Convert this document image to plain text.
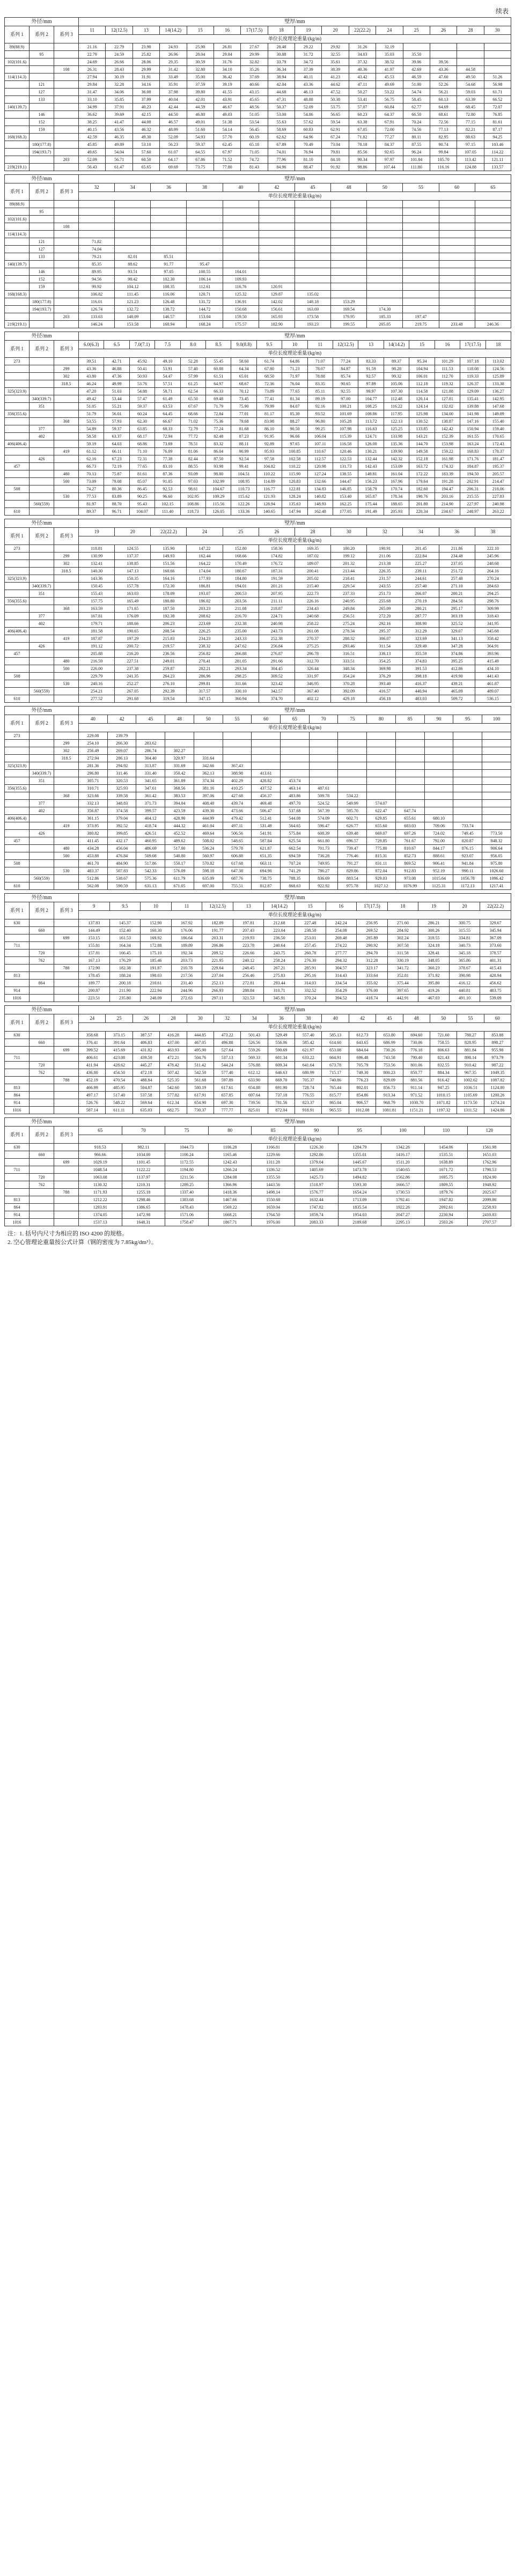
续表
外径/mm			壁厚/mm															
系列 1	系列 2	系列 3	11	12(12.5)	13	14(14.2)	15	16	17(17.5)	18	19	20	22(22.2)	24	25	26	28	30
			单位长度理论重量/(kg/m)															
89(88.9)			21.16	22.79	23.90	24.93	25.90	26.81	27.67	28.48	29.22	29.92	31.26	32.19				
	95		22.79	24.59	25.82	26.96	28.04	29.04	29.99	30.88	31.72	32.55	34.03	35.03	35.50			
102(101.6)			24.69	26.66	28.06	29.35	30.59	31.76	32.82	33.79	34.72	35.61	37.32	38.52	39.06	39.56		
		108	26.31	28.43	29.99	31.42	32.80	34.10	35.26	36.34	37.39	38.39	40.36	41.97	42.69	43.36	44.58	
114(114.3)			27.94	30.19	31.91	33.49	35.00	36.42	37.69	38.94	40.11	41.23	43.42	45.53	46.59	47.60	49.50	51.26
	121		29.84	32.28	34.16	35.91	37.59	39.19	40.66	42.04	43.36	44.62	47.11	49.69	51.00	52.26	54.68	56.98
	127		31.47	34.06	36.08	37.98	39.80	41.55	43.15	44.68	46.13	47.52	50.27	53.22	54.74	56.21	59.03	61.71
	133		33.10	35.85	37.99	40.04	42.01	43.91	45.65	47.31	48.88	50.38	53.41	56.75	58.45	60.13	63.39	66.52
140(139.7)			34.99	37.91	40.23	42.44	44.59	46.67	48.56	50.37	52.09	53.75	57.07	60.84	62.77	64.69	68.45	72.07
	146		36.62	39.69	42.15	44.50	46.80	49.03	51.05	53.00	54.86	56.65	60.23	64.37	66.50	68.61	72.80	76.85
	152		38.25	41.47	44.08	46.57	49.01	51.38	53.54	55.63	57.62	59.54	63.38	67.91	70.24	72.56	77.15	81.61
	159		40.15	43.56	46.32	48.99	51.60	54.14	56.45	58.69	60.83	62.91	67.05	72.00	74.56	77.13	82.21	87.17
168(168.3)			42.59	46.35	49.30	52.09	54.93	57.70	60.19	62.62	64.96	67.24	71.82	77.27	80.11	82.95	88.63	94.25
	180(177.8)		45.85	49.89	53.10	56.23	59.37	62.45	65.18	67.89	70.49	73.04	78.18	84.37	87.55	90.74	97.15	103.46
	194(193.7)		49.65	54.04	57.60	61.07	64.55	67.97	71.05	74.01	76.94	79.81	85.56	92.65	96.24	99.84	107.05	114.22
		203	52.09	56.71	60.50	64.17	67.86	71.52	74.72	77.96	81.10	84.18	90.34	97.97	101.84	105.70	113.42	121.11
219(219.1)			56.43	61.47	65.65	69.69	73.75	77.80	81.43	84.96	88.47	91.92	98.86	107.44	111.80	116.16	124.88	133.57
外径/mm			壁厚/mm											
系列 1	系列 2	系列 3	32	34	36	38	40	42	45	48	50	55	60	65
			单位长度理论重量/(kg/m)											
89(88.9)														
	95													
102(101.6)														
		108												
114(114.3)														
	121		71.82											
	127		74.04											
	133		79.21	82.01	85.51									
140(139.7)			85.35	88.62	91.77	95.47								
	146		89.95	93.51	97.05	100.55	104.01							
	152		94.56	98.42	102.30	106.14	109.93							
	159		99.92	104.12	108.35	112.61	116.76	120.91						
168(168.3)			106.82	111.45	116.06	120.71	125.32	129.87	135.02					
	180(177.8)		116.01	121.23	126.48	131.72	136.91	142.02	148.18	153.29				
	194(193.7)		126.74	132.72	138.72	144.72	150.68	156.61	163.69	169.54	174.30			
		203	133.63	140.09	146.57	153.04	159.50	165.93	173.58	179.95	185.33	197.47		
219(219.1)			146.24	153.58	160.94	168.24	175.57	182.90	193.23	199.55	205.05	219.75	233.48	246.36
外径/mm			壁厚/mm																
系列 1	系列 2	系列 3	6.0(6.3)	6.5	7.0(7.1)	7.5	8.0	8.5	9.0(8.8)	9.5	10	11	12(12.5)	13	14(14.2)	15	16	17(17.5)	18
			单位长度理论重量/(kg/m)																
273			39.51	42.71	45.92	49.10	52.28	55.45	58.60	61.74	64.86	71.07	77.24	83.33	89.37	95.34	101.29	107.18	113.02
		299	43.36	46.88	50.41	53.91	57.40	60.88	64.34	67.80	71.23	78.07	84.87	91.59	98.28	104.94	111.53	118.08	124.56
		302	43.80	47.36	50.93	54.47	57.99	61.51	65.01	68.50	71.97	78.88	85.74	92.57	99.32	106.01	112.70	119.33	125.89
		318.5	46.24	49.99	53.76	57.51	61.25	64.97	68.67	72.36	76.04	83.35	90.65	97.89	105.06	112.18	119.32	126.37	133.38
325(323.9)			47.20	51.03	54.88	58.71	62.54	66.33	70.12	73.89	77.65	85.11	92.55	99.97	107.30	114.58	121.88	129.09	136.27
	340(339.7)		49.42	53.44	57.47	61.49	65.50	69.48	73.45	77.41	81.34	89.19	97.00	104.77	112.48	120.14	127.81	135.41	142.95
	351		51.05	55.21	59.37	63.53	67.67	71.79	75.90	79.99	84.07	92.16	100.21	108.25	116.22	124.14	132.02	139.88	147.68
356(355.6)			51.79	56.01	60.24	64.45	68.66	72.84	77.01	81.17	85.30	93.52	101.69	109.86	117.95	125.98	134.00	141.98	149.89
		368	53.55	57.93	62.30	66.67	71.02	75.36	79.68	83.98	88.27	96.80	105.28	113.72	122.13	130.52	138.87	147.16	155.40
	377		54.89	59.37	63.85	68.33	72.79	77.24	81.68	86.10	90.50	99.25	107.98	116.63	125.25	133.85	142.42	150.94	159.40
	402		58.58	63.37	68.17	72.94	77.72	82.48	87.23	91.95	96.66	106.04	115.39	124.71	133.98	143.21	152.39	161.55	170.65
406(406.4)			59.19	64.03	68.86	73.69	78.51	83.32	88.11	92.89	97.65	107.11	116.58	126.00	135.36	144.70	153.98	163.24	172.43
		419	61.12	66.11	71.10	76.09	81.06	86.04	90.99	95.93	100.85	110.67	120.46	130.21	139.90	149.58	159.22	168.83	178.37
	426		62.16	67.23	72.31	77.38	82.44	87.50	92.54	97.58	102.58	112.57	122.53	132.44	142.32	152.18	161.98	171.76	181.47
457			66.73	72.19	77.65	83.10	88.55	93.98	99.41	104.82	110.22	120.98	131.73	142.43	153.09	163.72	174.32	184.87	195.37
		480	70.13	75.87	81.61	87.36	93.09	98.80	104.51	110.22	115.90	127.24	138.55	149.81	161.04	172.22	183.39	194.50	205.57
		500	73.09	79.08	85.07	91.05	97.03	102.99	108.95	114.89	120.83	132.66	144.47	156.23	167.96	179.64	191.28	202.91	214.47
508			74.27	80.36	86.45	92.53	98.61	104.67	110.73	116.77	122.81	134.83	146.85	158.79	170.74	182.60	194.47	206.31	218.06
		530	77.53	83.89	90.25	96.60	102.95	109.29	115.62	121.93	128.24	140.82	153.40	165.87	178.34	190.76	203.16	215.55	227.83
	560(559)		81.97	88.70	95.43	102.15	108.86	115.56	122.26	128.94	135.63	148.93	162.25	175.44	188.65	201.80	214.90	227.97	240.98
610			89.37	96.71	104.07	111.40	118.73	126.05	133.36	140.65	147.94	162.48	177.05	191.49	205.93	220.34	234.67	248.97	263.22
外径/mm			壁厚/mm											
系列 1	系列 2	系列 3	19	20	22(22.2)	24	25	26	28	30	32	34	36	38
			单位长度理论重量/(kg/m)											
273			118.81	124.55	135.90	147.22	152.80	158.36	169.35	180.20	190.91	201.45	211.86	222.10
		299	130.99	137.37	149.93	162.44	168.66	174.82	187.02	199.12	211.06	222.84	234.48	245.96
		302	132.41	138.85	151.56	164.22	170.49	176.72	189.07	201.32	213.38	225.27	237.05	248.68
		318.5	140.30	147.13	160.66	174.04	180.67	187.31	200.41	213.44	226.35	239.11	251.72	264.16
325(323.9)			143.36	150.35	164.16	177.93	184.80	191.59	205.02	218.41	231.57	244.61	257.48	270.24
	340(339.7)		150.45	157.78	172.30	186.81	194.01	201.21	215.40	229.54	243.55	257.40	271.10	284.63
	351		155.43	163.03	178.09	193.07	200.53	207.95	222.73	237.33	251.73	266.07	280.21	294.25
356(355.6)			157.75	165.49	180.80	196.02	203.56	211.11	226.16	240.95	255.68	270.19	284.56	298.76
		368	163.59	171.65	187.50	203.23	211.08	218.87	234.43	249.84	265.09	280.21	295.17	309.99
	377		167.81	176.09	192.38	208.62	216.70	224.71	240.68	256.51	272.20	287.77	303.19	318.43
	402		179.71	188.66	206.23	223.69	232.38	240.98	258.22	275.24	292.16	308.90	325.52	341.95
406(406.4)			181.58	190.65	208.54	226.25	235.00	243.73	261.08	278.34	295.37	312.29	329.07	345.68
		419	187.87	197.29	215.83	234.23	243.33	252.38	270.37	288.32	306.07	323.69	341.13	358.42
	426		191.12	200.72	219.57	238.32	247.62	256.84	275.25	293.46	311.54	329.49	347.28	364.91
457			205.88	216.20	236.56	256.82	266.88	276.87	296.78	316.51	336.13	355.59	374.86	393.96
		480	216.59	227.51	249.01	270.41	281.05	291.66	312.70	333.51	354.25	374.83	395.25	415.49
		500	226.00	237.38	259.87	282.21	293.34	304.45	326.44	348.34	369.98	391.53	412.86	434.10
508			229.79	241.35	264.23	286.96	298.25	309.52	331.97	354.24	376.29	398.18	419.90	441.43
		530	240.16	252.27	276.10	299.81	311.66	323.42	346.95	370.28	393.40	416.37	439.21	461.87
	560(559)		254.21	267.05	292.39	317.57	330.10	342.57	367.40	392.09	416.57	440.94	465.09	489.07
610			277.52	291.68	319.54	347.15	360.94	374.70	402.12	429.18	456.18	483.03	509.72	536.15
外径/mm			壁厚/mm														
系列 1	系列 2	系列 3	40	42	45	48	50	55	60	65	70	75	80	85	90	95	100
			单位长度理论重量/(kg/m)														
273			229.08	239.79													
		299	254.10	266.30	283.62												
		302	256.49	269.07	286.74	302.27											
		318.5	272.94	286.13	304.40	320.97	331.64										
325(323.9)			281.36	294.92	313.87	331.69	342.66	367.43									
	340(339.7)		296.80	311.46	331.40	350.42	362.13	388.98	413.61								
	351		305.71	320.53	341.65	361.89	374.34	402.29	428.82	453.74							
356(355.6)			310.71	325.93	347.61	368.56	381.16	410.25	437.52	463.14	487.61						
		368	323.66	339.58	361.42	383.53	397.06	427.68	456.37	483.86	509.78	534.22					
	377		332.13	348.83	371.73	394.04	408.40	439.74	469.48	497.70	524.52	549.99	574.07				
	402		356.87	374.58	399.57	423.59	439.30	473.66	506.47	537.68	567.39	595.70	622.47	647.74			
406(406.4)			361.15	379.04	404.12	428.90	444.99	479.42	512.41	544.08	574.09	602.71	629.85	655.61	680.10		
		419	373.95	392.52	418.74	444.32	461.04	497.11	531.49	564.65	596.47	626.77	655.60	683.03	709.06	733.74	
	426		380.82	399.85	426.51	452.52	469.64	506.56	541.91	575.84	608.39	639.48	669.07	697.26	724.02	749.45	773.50
457			411.45	432.17	460.95	489.62	508.02	548.65	587.84	625.54	661.80	696.57	729.85	761.67	792.00	820.87	848.32
		480	434.28	456.04	486.69	517.00	536.24	579.78	621.87	662.54	701.73	739.47	775.80	810.67	844.17	876.15	906.64
		500	453.88	476.84	509.08	540.80	560.97	606.88	651.35	694.59	736.28	776.46	815.31	852.73	888.61	923.07	956.05
508			461.70	484.90	517.86	550.17	570.82	617.68	663.11	707.24	749.95	791.27	831.11	869.52	906.41	941.84	975.80
		530	483.37	507.83	542.33	576.09	598.18	647.38	694.90	741.29	786.27	829.86	872.04	912.83	952.19	990.11	1026.60
	560(559)		512.86	538.67	575.36	611.79	635.09	687.76	738.75	788.35	836.69	883.54	929.03	973.08	1015.64	1056.78	1096.42
610			562.08	590.59	631.13	671.05	697.00	755.51	812.87	868.63	922.92	975.78	1027.12	1076.99	1125.31	1172.13	1217.41
外径/mm			壁厚/mm													
系列 1	系列 2	系列 3	9	9.5	10	11	12(12.5)	13	14(14.2)	15	16	17(17.5)	18	19	20	22(22.2)
			单位长度理论重量/(kg/m)													
630			137.83	145.37	152.90	167.92	182.89	197.81	212.68	227.48	242.24	256.95	271.60	286.21	300.75	329.67
	660		144.49	152.40	160.30	176.06	191.77	207.43	223.04	238.58	254.08	269.52	284.92	300.26	315.55	345.94
		699	153.15	161.53	169.92	186.64	203.31	219.93	236.50	253.01	269.48	285.89	302.24	318.55	334.81	367.09
711			155.81	164.34	172.88	189.89	206.86	223.78	240.64	257.45	274.22	290.92	307.58	324.18	340.73	373.60
	720		157.81	166.45	175.10	192.34	209.52	226.66	243.75	260.78	277.77	294.70	311.58	328.41	345.18	378.57
	762		167.13	176.29	185.46	203.73	221.95	240.12	258.24	276.30	294.32	312.28	330.19	348.05	365.86	401.31
		788	172.90	182.38	191.87	210.78	229.64	248.45	267.21	285.91	304.57	323.17	341.72	360.23	378.67	415.43
813			178.45	188.24	198.03	217.56	237.04	256.46	275.83	295.16	314.43	333.64	352.81	371.92	390.98	428.94
	864		189.77	200.18	210.61	231.40	252.13	272.81	293.44	314.03	334.54	355.02	375.44	395.80	416.12	456.62
914			200.87	211.90	222.94	244.96	266.93	288.84	310.71	332.52	354.29	376.00	397.65	419.26	440.81	483.75
1016			223.51	235.80	248.09	272.63	297.11	321.53	345.91	370.24	394.52	418.74	442.91	467.03	491.10	539.09
外径/mm			壁厚/mm															
系列 1	系列 2	系列 3	24	25	26	28	30	32	34	36	38	40	42	45	48	50	55	60
			单位长度理论重量/(kg/m)															
630			358.68	373.15	387.57	416.28	444.85	473.22	501.43	529.49	557.40	585.13	612.73	653.80	694.60	721.60	788.27	853.88
	660		376.41	391.64	406.83	437.00	467.05	496.88	526.56	556.06	585.42	614.60	643.65	686.99	730.06	758.55	828.95	898.27
		699	399.52	415.69	431.82	463.93	495.90	527.64	559.26	590.69	621.97	653.08	684.04	730.26	776.18	806.63	881.84	955.98
711			406.61	423.08	439.50	472.21	504.76	537.13	569.33	601.34	633.22	664.91	696.48	743.58	790.40	821.43	898.14	973.79
	720		411.94	428.62	445.27	478.42	511.42	544.24	576.88	609.34	641.64	673.78	705.79	753.56	801.06	832.55	910.42	987.22
	762		436.80	454.50	472.18	507.42	542.50	577.40	612.12	646.63	680.99	715.17	749.30	800.23	850.77	884.34	967.35	1049.35
		788	452.19	470.54	488.84	525.35	561.68	597.89	633.90	669.70	705.37	740.86	776.23	829.09	881.56	916.42	1002.62	1087.82
813			466.99	485.95	504.87	542.60	580.19	617.61	654.88	691.90	728.74	765.44	802.01	856.73	911.14	947.25	1036.51	1124.80
864			497.17	517.40	537.58	577.82	617.91	657.85	697.64	737.18	776.55	815.77	854.86	913.34	971.52	1010.15	1105.69	1200.26
914			526.76	548.22	569.64	612.34	654.90	697.30	739.56	781.56	823.37	865.04	906.57	968.79	1030.70	1071.82	1173.50	1274.24
1016			587.14	611.11	635.03	682.75	730.37	777.77	825.01	872.04	918.91	965.55	1012.08	1081.81	1151.21	1197.32	1311.52	1424.86
外径/mm			壁厚/mm									
系列 1	系列 2	系列 3	65	70	75	80	85	90	95	100	110	120
			单位长度理论重量/(kg/m)									
630			918.53	982.11	1044.73	1106.28	1166.81	1226.30	1284.79	1342.26	1454.06	1561.98
	660		966.66	1034.00	1100.24	1165.46	1229.66	1292.86	1355.01	1416.17	1535.51	1651.03
		699	1029.19	1101.45	1172.55	1242.43	1311.28	1379.04	1445.67	1511.20	1638.89	1762.96
711			1048.54	1122.22	1194.80	1266.24	1336.52	1405.69	1473.78	1540.65	1671.72	1798.53
	720		1063.08	1137.97	1211.56	1284.08	1355.50	1425.73	1494.82	1562.86	1695.75	1824.90
	762		1130.32	1210.31	1289.25	1366.96	1443.56	1518.97	1593.30	1666.57	1809.55	1948.92
		788	1171.93	1255.18	1337.40	1418.36	1498.14	1576.77	1654.24	1730.53	1879.76	2025.67
813			1212.22	1298.46	1383.68	1467.66	1550.68	1632.44	1713.09	1792.41	1947.82	2099.86
864			1293.91	1386.65	1478.43	1569.22	1659.04	1747.82	1835.54	1922.26	2092.61	2258.93
914			1374.05	1472.98	1571.06	1668.21	1764.50	1859.74	1954.03	2047.27	2230.94	2410.83
1016			1537.13	1648.31	1758.47	1867.71	1976.00	2083.33	2189.68	2295.13	2503.26	2707.57
注：1. 括号内尺寸为相应的 ISO 4200 的规格。
2. 空心管理论重量按公式计算（钢的密度为 7.85kg/dm³）。
